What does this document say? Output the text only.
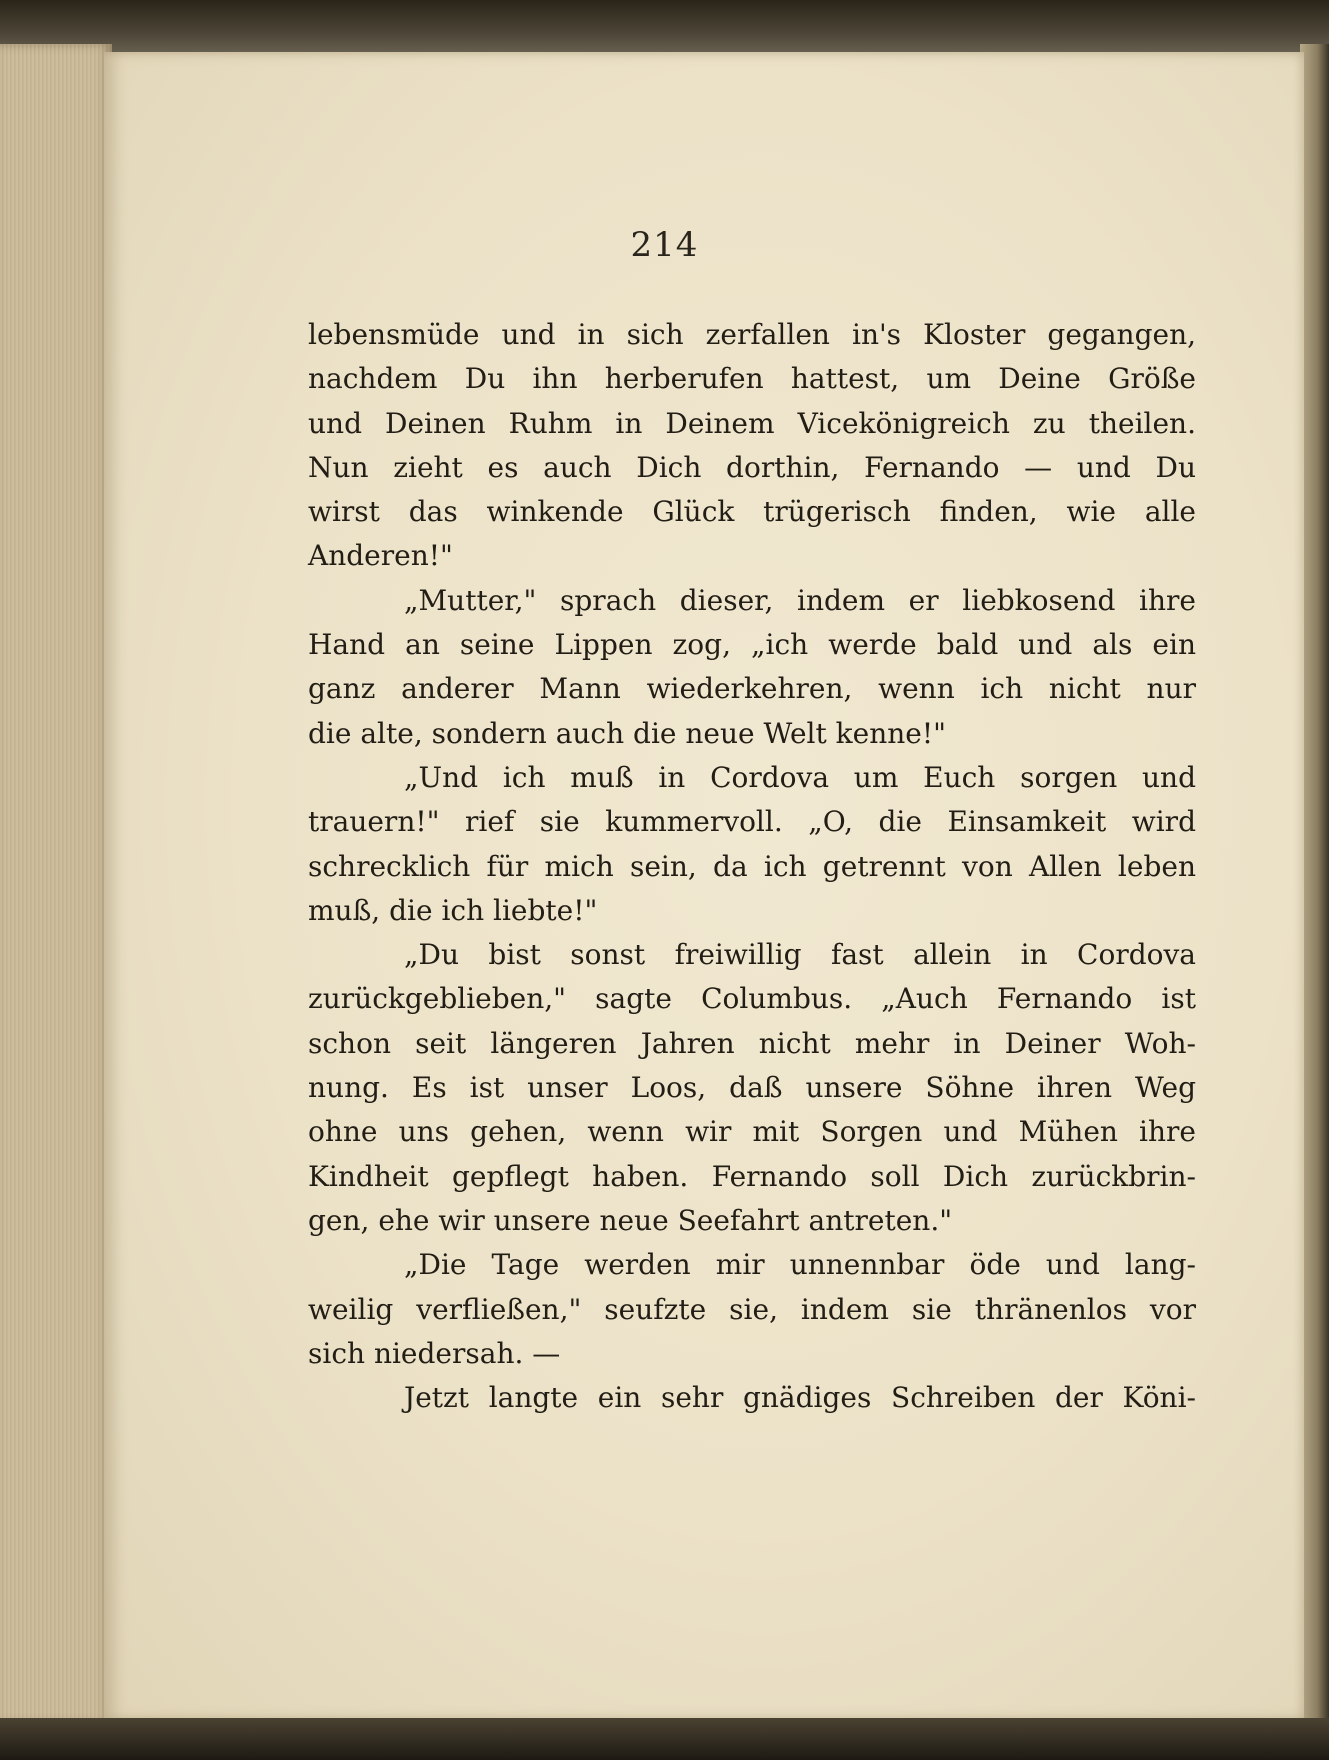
214
lebensmüde und in sich zerfallen in's Kloster gegangen,
nachdem Du ihn herberufen hattest, um Deine Größe
und Deinen Ruhm in Deinem Vicekönigreich zu theilen.
Nun zieht es auch Dich dorthin, Fernando — und Du
wirst das winkende Glück trügerisch finden, wie alle
Anderen!"
„Mutter," sprach dieser, indem er liebkosend ihre
Hand an seine Lippen zog, „ich werde bald und als ein
ganz anderer Mann wiederkehren, wenn ich nicht nur
die alte, sondern auch die neue Welt kenne!"
„Und ich muß in Cordova um Euch sorgen und
trauern!" rief sie kummervoll. „O, die Einsamkeit wird
schrecklich für mich sein, da ich getrennt von Allen leben
muß, die ich liebte!"
„Du bist sonst freiwillig fast allein in Cordova
zurückgeblieben," sagte Columbus. „Auch Fernando ist
schon seit längeren Jahren nicht mehr in Deiner Woh-
nung. Es ist unser Loos, daß unsere Söhne ihren Weg
ohne uns gehen, wenn wir mit Sorgen und Mühen ihre
Kindheit gepflegt haben. Fernando soll Dich zurückbrin-
gen, ehe wir unsere neue Seefahrt antreten."
„Die Tage werden mir unnennbar öde und lang-
weilig verfließen," seufzte sie, indem sie thränenlos vor
sich niedersah. —
Jetzt langte ein sehr gnädiges Schreiben der Köni-
